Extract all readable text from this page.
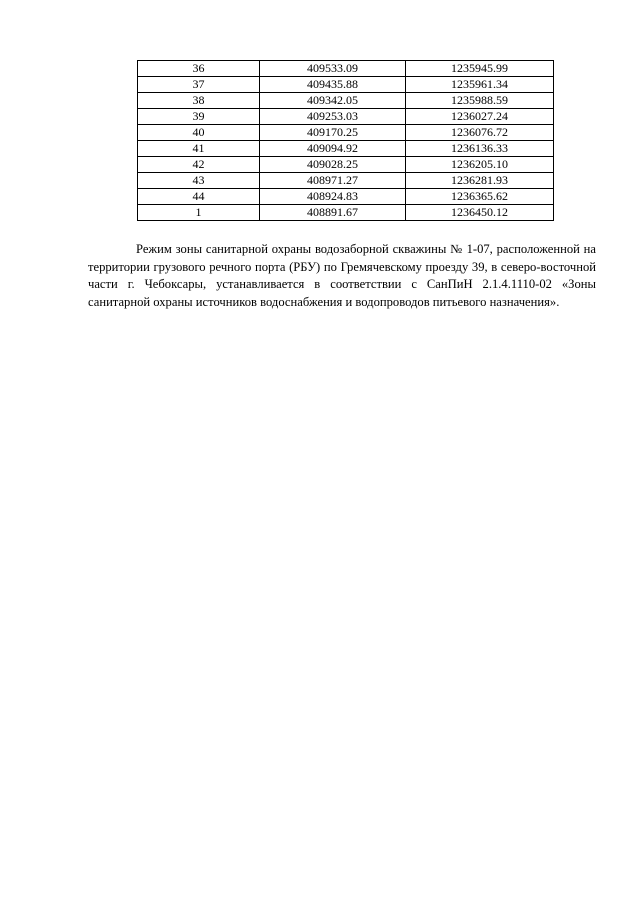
36	409533.09	1235945.99
37	409435.88	1235961.34
38	409342.05	1235988.59
39	409253.03	1236027.24
40	409170.25	1236076.72
41	409094.92	1236136.33
42	409028.25	1236205.10
43	408971.27	1236281.93
44	408924.83	1236365.62
1	408891.67	1236450.12

Режим зоны санитарной охраны водозаборной скважины № 1-07, расположенной на территории грузового речного порта (РБУ) по Гремячевскому проезду 39, в северо-восточной части г. Чебоксары, устанавливается в соответствии с СанПиН 2.1.4.1110-02 «Зоны санитарной охраны источников водоснабжения и водопроводов питьевого назначения».
